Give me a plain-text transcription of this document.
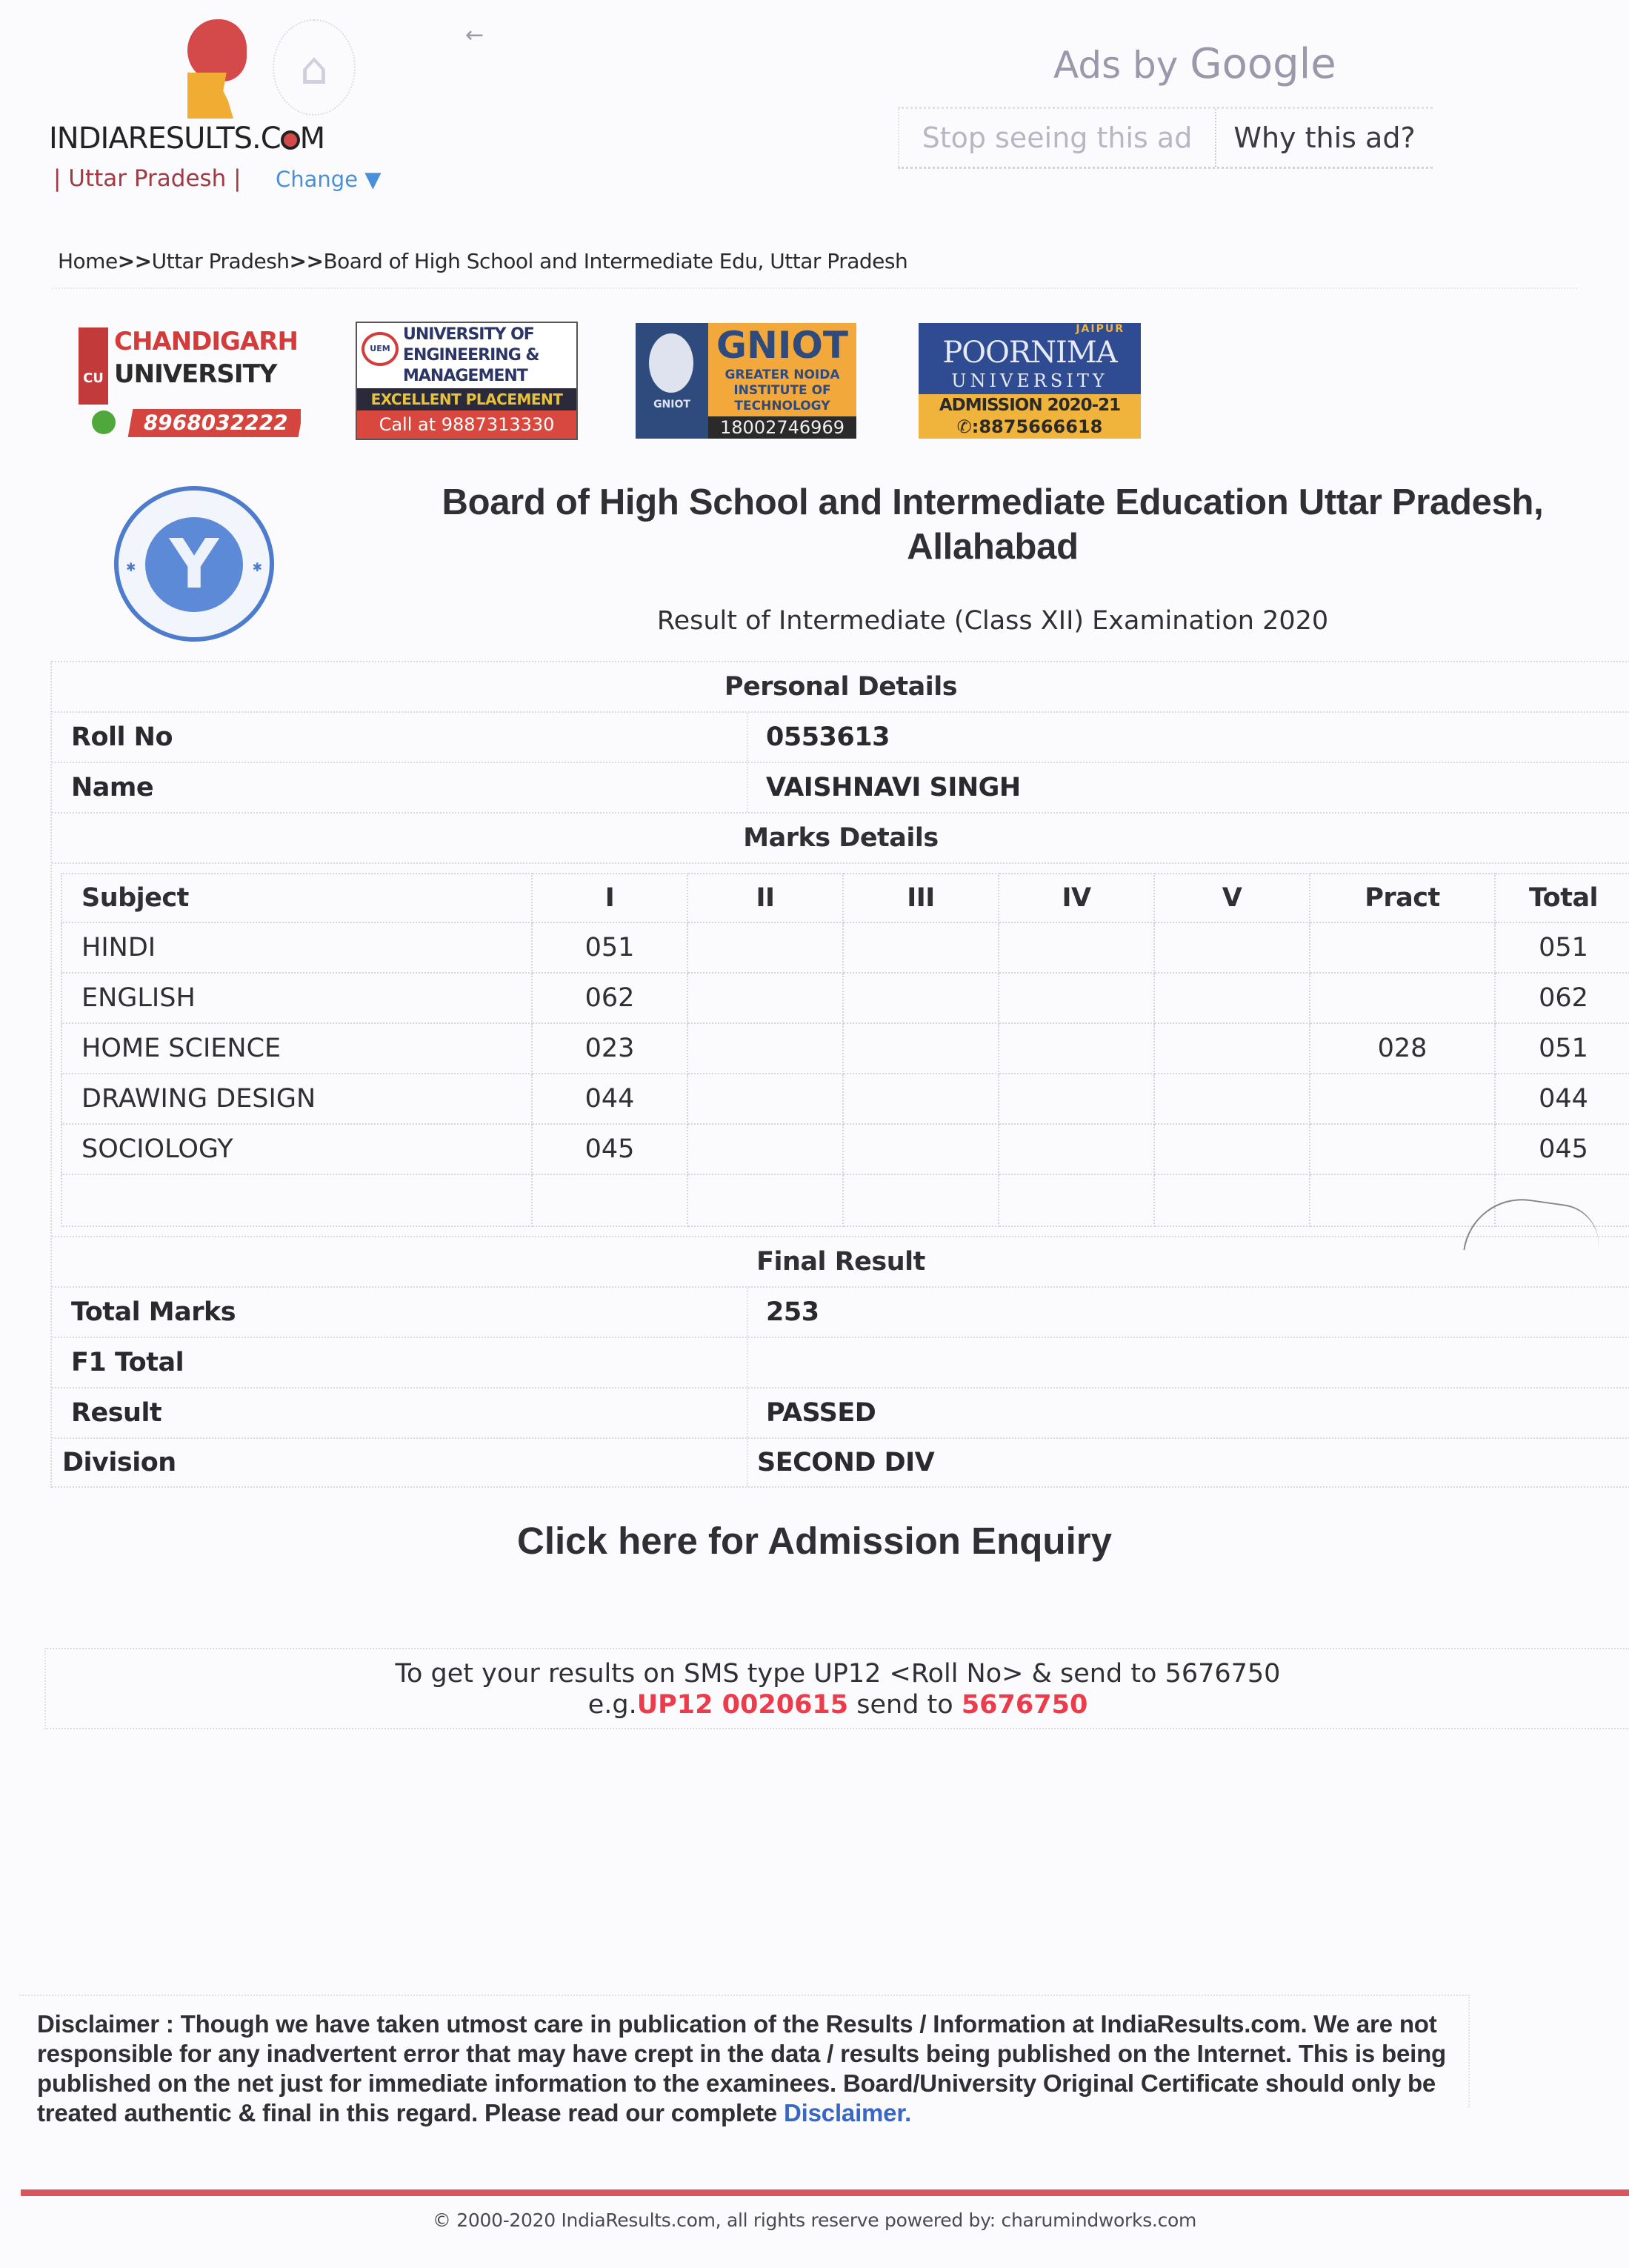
⌂
INDIARESULTS.C M
| Uttar Pradesh | Change ▼
←
Ads by Google
Stop seeing this ad	Why this ad?
Home>>Uttar Pradesh>>Board of High School and Intermediate Edu, Uttar Pradesh
CU
CHANDIGARH
UNIVERSITY
8968032222
UEM
UNIVERSITY OF
ENGINEERING &
MANAGEMENT
EXCELLENT PLACEMENT
Call at 9887313330
GNIOT
GNIOT
GREATER NOIDA
INSTITUTE OF
TECHNOLOGY
18002746969
JAIPUR
POORNIMA
UNIVERSITY
ADMISSION 2020-21
✆:8875666618
Y
✱	✱
Board of High School and Intermediate Education Uttar Pradesh,
Allahabad
Result of Intermediate (Class XII) Examination 2020
Personal Details
Roll No	0553613
Name	VAISHNAVI SINGH
Marks Details
Subject	I	II	III	IV	V	Pract	Total
HINDI	051						051
ENGLISH	062						062
HOME SCIENCE	023					028	051
DRAWING DESIGN	044						044
SOCIOLOGY	045						045

Final Result
Total Marks	253
F1 Total
Result	PASSED
Division	SECOND DIV
Click here for Admission Enquiry
To get your results on SMS type UP12 <Roll No> & send to 5676750
e.g.UP12 0020615 send to 5676750
Disclaimer : Though we have taken utmost care in publication of the Results / Information at IndiaResults.com. We are not responsible for any inadvertent error that may have crept in the data / results being published on the Internet. This is being published on the net just for immediate information to the examinees. Board/University Original Certificate should only be treated authentic & final in this regard. Please read our complete Disclaimer.
© 2000-2020 IndiaResults.com, all rights reserve powered by: charumindworks.com
